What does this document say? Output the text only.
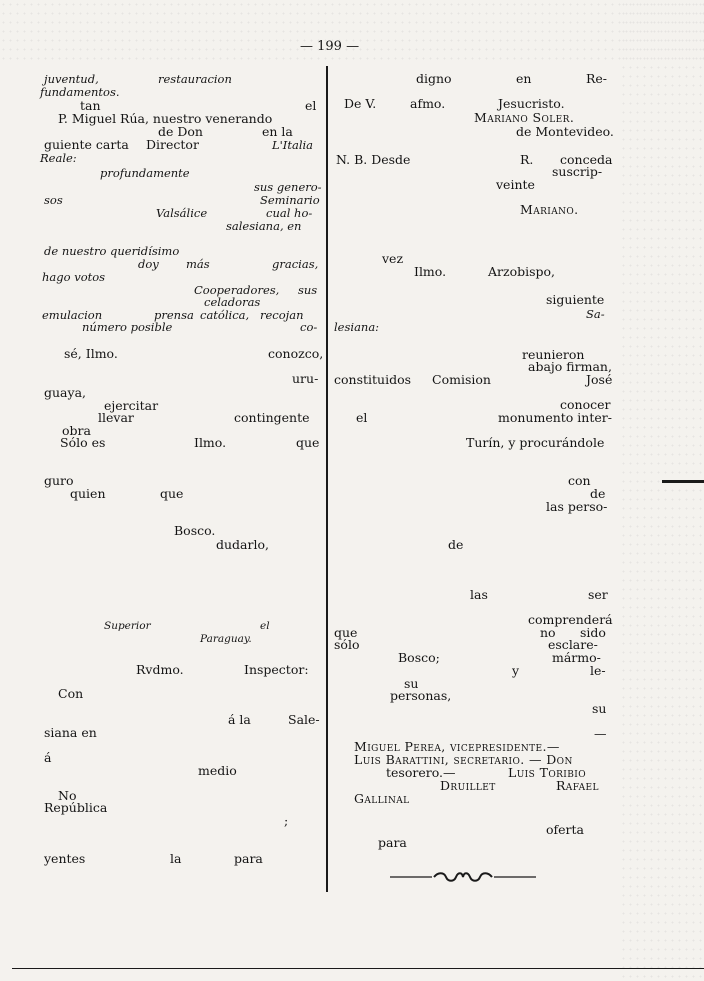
— 199 —
juventud,	restauracion
fundamentos.
tan	el
P. Miguel Rúa, nuestro venerando
de Don	en la
guiente carta Director	L'Italia
Reale:
profundamente
sus genero-
sos	Seminario
Valsálice	cual ho-
salesiana, en
de nuestro queridísimo
doy más	gracias,
hago votos
Cooperadores, sus
celadoras
emulacion	prensa católica, recojan
número posible	co-
sé, Ilmo.	conozco,
uru-
guaya,
ejercitar
llevar	contingente
obra
Sólo es	Ilmo.	que
guro
quien	que
Bosco.
dudarlo,
Superior	el
Paraguay.
Rvdmo.	Inspector:
Con
á la	Sale-
siana en
á
medio
No
República
;
yentes	la	para
digno	en	Re-
De V.	afmo.	Jesucristo.
Mariano Soler.
de Montevideo.
N. B. Desde	R. conceda
suscrip-
veinte
Mariano.
vez
Ilmo.	Arzobispo,
siguiente
Sa-
lesiana:
reunieron
abajo firman,
constituidos Comision	José
conocer
el	monumento inter-
Turín, y procurándole
con
de
las perso-
de
las	ser
comprenderá
que	no sido
sólo	esclare-
Bosco;	mármo-
y	le-
su
personas,
su
—
Miguel Perea, vicepresidente.—
Luis Barattini, secretario. — Don
tesorero.—	Luis Toribio
Druillet	Rafael
Gallinal
oferta
para
